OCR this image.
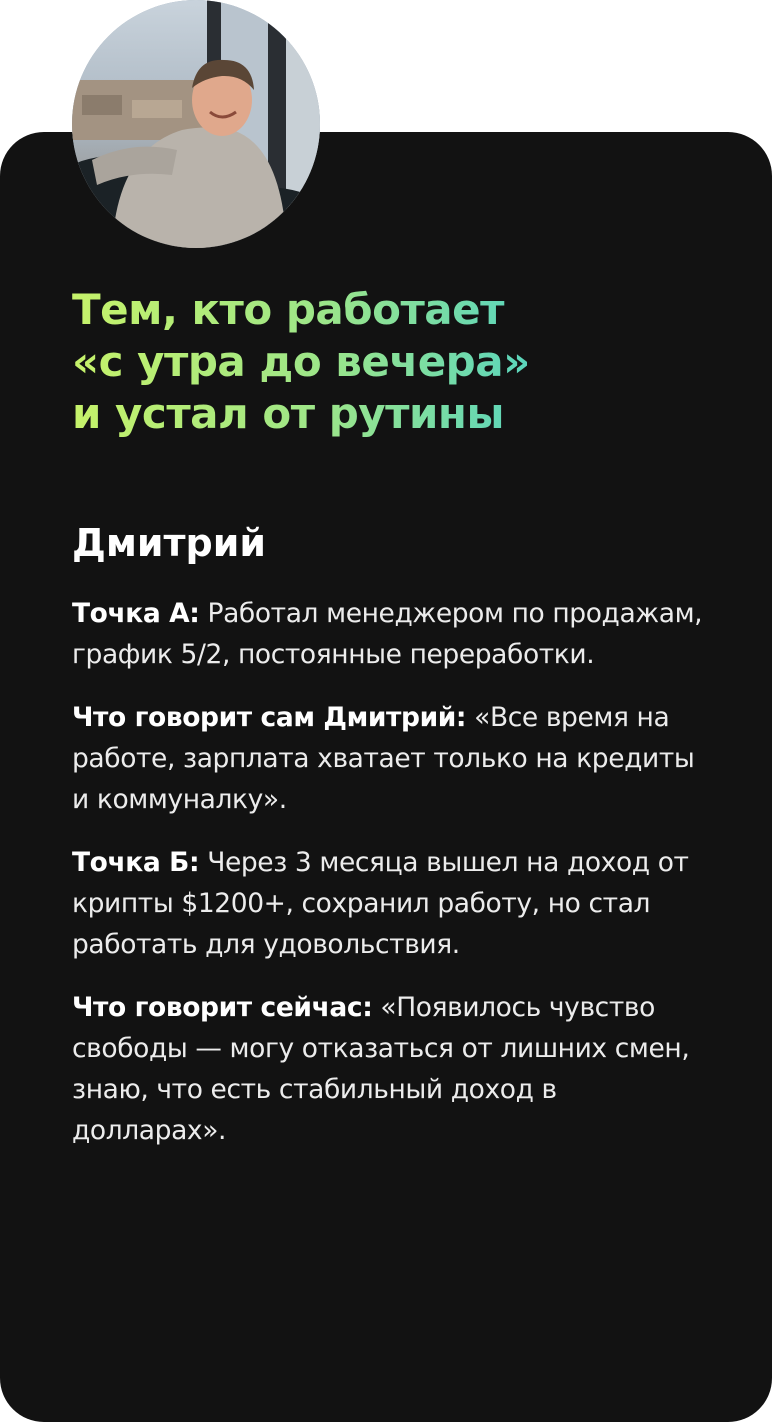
Тем, кто работает
«с утра до вечера»
и устал от рутины
Дмитрий

Точка А: Работал менеджером по продажам, график 5/2, постоянные переработки.

Что говорит сам Дмитрий: «Все время на работе, зарплата хватает только на кредиты и коммуналку».

Точка Б: Через 3 месяца вышел на доход от крипты $1200+, сохранил работу, но стал работать для удовольствия.

Что говорит сейчас: «Появилось чувство свободы — могу отказаться от лишних смен, знаю, что есть стабильный доход в долларах».
